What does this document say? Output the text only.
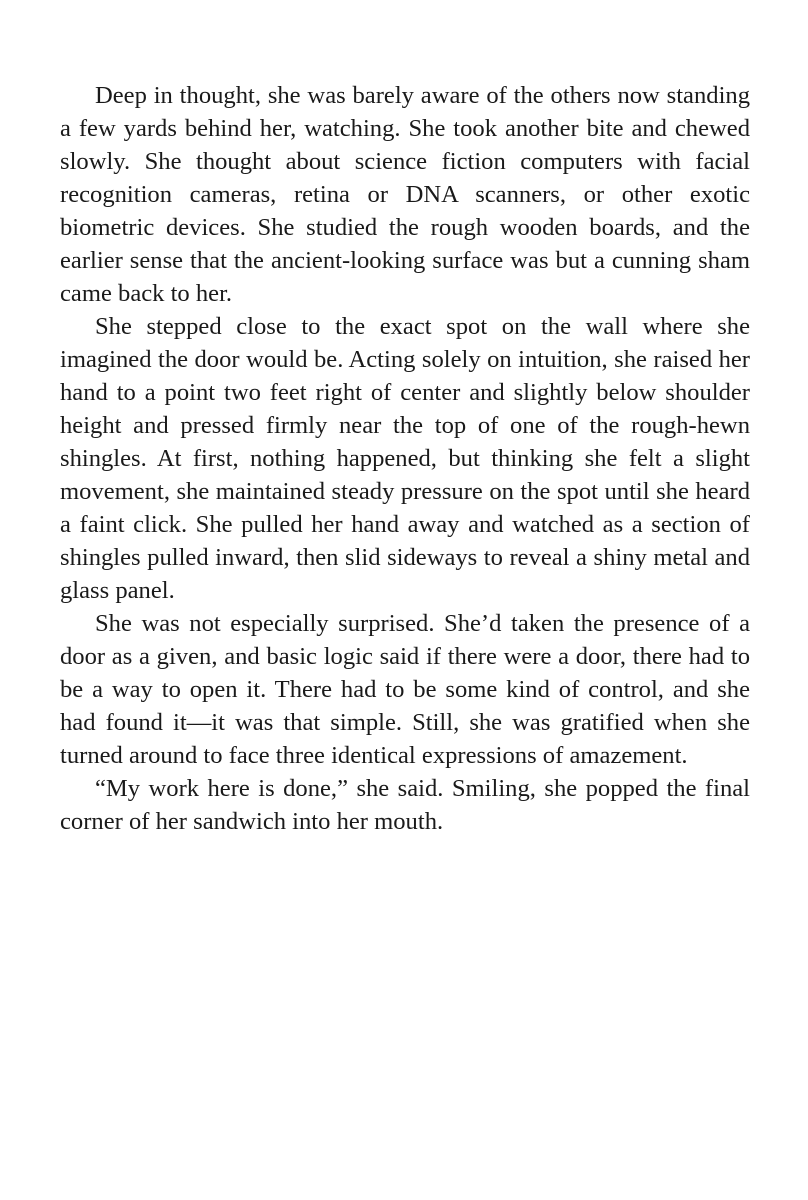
Deep in thought, she was barely aware of the others now standing a few yards behind her, watching. She took another bite and chewed slowly. She thought about science fiction computers with facial recognition cameras, retina or DNA scanners, or other exotic biometric devices. She studied the rough wooden boards, and the earlier sense that the ancient-looking surface was but a cunning sham came back to her.

She stepped close to the exact spot on the wall where she imagined the door would be. Acting solely on intuition, she raised her hand to a point two feet right of center and slightly below shoulder height and pressed firmly near the top of one of the rough-hewn shingles. At first, nothing happened, but thinking she felt a slight movement, she maintained steady pressure on the spot until she heard a faint click. She pulled her hand away and watched as a section of shingles pulled inward, then slid sideways to reveal a shiny metal and glass panel.

She was not especially surprised. She’d taken the presence of a door as a given, and basic logic said if there were a door, there had to be a way to open it. There had to be some kind of control, and she had found it—it was that simple. Still, she was gratified when she turned around to face three identical expressions of amazement.

“My work here is done,” she said. Smiling, she popped the final corner of her sandwich into her mouth.
